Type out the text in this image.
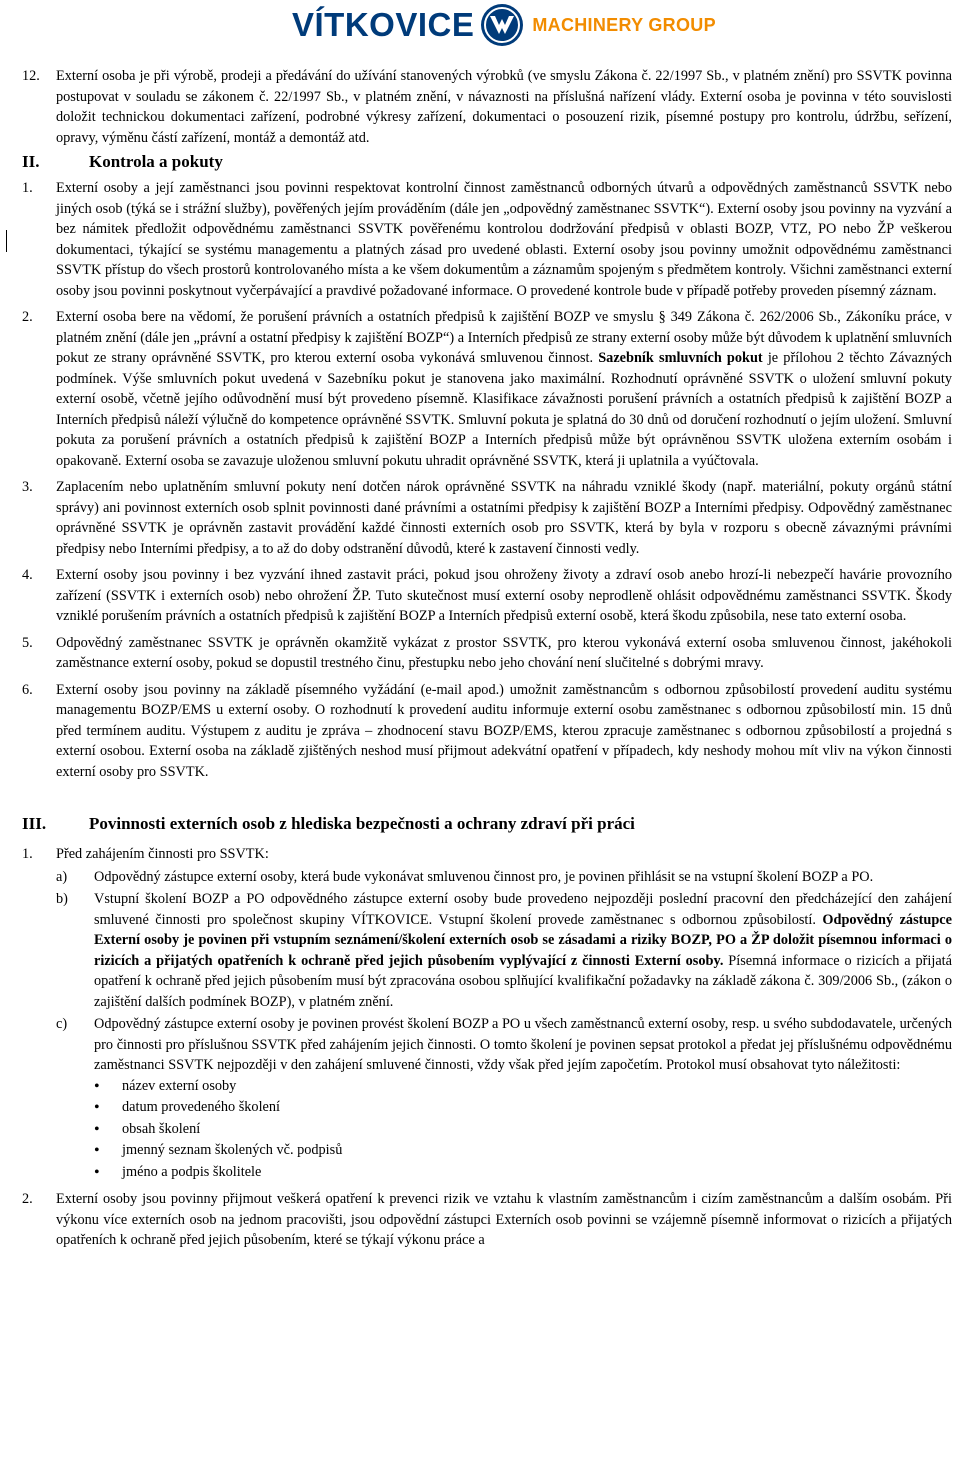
VÍTKOVICE	MACHINERY GROUP
12. Externí osoba je při výrobě, prodeji a předávání do užívání stanovených výrobků (ve smyslu Zákona č. 22/1997 Sb., v platném znění) pro SSVTK povinna postupovat v souladu se zákonem č. 22/1997 Sb., v platném znění, v návaznosti na příslušná nařízení vlády. Externí osoba je povinna v této souvislosti doložit technickou dokumentaci zařízení, podrobné výkresy zařízení, dokumentaci o posouzení rizik, písemné postupy pro kontrolu, údržbu, seřízení, opravy, výměnu částí zařízení, montáž a demontáž atd.
II.	Kontrola a pokuty
1. Externí osoby a její zaměstnanci jsou povinni respektovat kontrolní činnost zaměstnanců odborných útvarů a odpovědných zaměstnanců SSVTK nebo jiných osob (týká se i strážní služby), pověřených jejím prováděním (dále jen „odpovědný zaměstnanec SSVTK“). Externí osoby jsou povinny na vyzvání a bez námitek předložit odpovědnému zaměstnanci SSVTK pověřenému kontrolou dodržování předpisů v oblasti BOZP, VTZ, PO nebo ŽP veškerou dokumentaci, týkající se systému managementu a platných zásad pro uvedené oblasti. Externí osoby jsou povinny umožnit odpovědnému zaměstnanci SSVTK přístup do všech prostorů kontrolovaného místa a ke všem dokumentům a záznamům spojeným s předmětem kontroly. Všichni zaměstnanci externí osoby jsou povinni poskytnout vyčerpávající a pravdivé požadované informace. O provedené kontrole bude v případě potřeby proveden písemný záznam.
2. Externí osoba bere na vědomí, že porušení právních a ostatních předpisů k zajištění BOZP ve smyslu § 349 Zákona č. 262/2006 Sb., Zákoníku práce, v platném znění (dále jen „právní a ostatní předpisy k zajištění BOZP“) a Interních předpisů ze strany externí osoby může být důvodem k uplatnění smluvních pokut ze strany oprávněné SSVTK, pro kterou externí osoba vykonává smluvenou činnost. Sazebník smluvních pokut je přílohou 2 těchto Závazných podmínek. Výše smluvních pokut uvedená v Sazebníku pokut je stanovena jako maximální. Rozhodnutí oprávněné SSVTK o uložení smluvní pokuty externí osobě, včetně jejího odůvodnění musí být provedeno písemně. Klasifikace závažnosti porušení právních a ostatních předpisů k zajištění BOZP a Interních předpisů náleží výlučně do kompetence oprávněné SSVTK. Smluvní pokuta je splatná do 30 dnů od doručení rozhodnutí o jejím uložení. Smluvní pokuta za porušení právních a ostatních předpisů k zajištění BOZP a Interních předpisů může být oprávněnou SSVTK uložena externím osobám i opakovaně. Externí osoba se zavazuje uloženou smluvní pokutu uhradit oprávněné SSVTK, která ji uplatnila a vyúčtovala.
3. Zaplacením nebo uplatněním smluvní pokuty není dotčen nárok oprávněné SSVTK na náhradu vzniklé škody (např. materiální, pokuty orgánů státní správy) ani povinnost externích osob splnit povinnosti dané právními a ostatními předpisy k zajištění BOZP a Interními předpisy. Odpovědný zaměstnanec oprávněné SSVTK je oprávněn zastavit provádění každé činnosti externích osob pro SSVTK, která by byla v rozporu s obecně závaznými právními předpisy nebo Interními předpisy, a to až do doby odstranění důvodů, které k zastavení činnosti vedly.
4. Externí osoby jsou povinny i bez vyzvání ihned zastavit práci, pokud jsou ohroženy životy a zdraví osob anebo hrozí-li nebezpečí havárie provozního zařízení (SSVTK i externích osob) nebo ohrožení ŽP. Tuto skutečnost musí externí osoby neprodleně ohlásit odpovědnému zaměstnanci SSVTK. Škody vzniklé porušením právních a ostatních předpisů k zajištění BOZP a Interních předpisů externí osobě, která škodu způsobila, nese tato externí osoba.
5. Odpovědný zaměstnanec SSVTK je oprávněn okamžitě vykázat z prostor SSVTK, pro kterou vykonává externí osoba smluvenou činnost, jakéhokoli zaměstnance externí osoby, pokud se dopustil trestného činu, přestupku nebo jeho chování není slučitelné s dobrými mravy.
6. Externí osoby jsou povinny na základě písemného vyžádání (e-mail apod.) umožnit zaměstnancům s odbornou způsobilostí provedení auditu systému managementu BOZP/EMS u externí osoby. O rozhodnutí k provedení auditu informuje externí osobu zaměstnanec s odbornou způsobilostí min. 15 dnů před termínem auditu. Výstupem z auditu je zpráva – zhodnocení stavu BOZP/EMS, kterou zpracuje zaměstnanec s odbornou způsobilostí a projedná s externí osobou. Externí osoba na základě zjištěných neshod musí přijmout adekvátní opatření v případech, kdy neshody mohou mít vliv na výkon činnosti externí osoby pro SSVTK.
III.	Povinnosti externích osob z hlediska bezpečnosti a ochrany zdraví při práci
1. Před zahájením činnosti pro SSVTK:
a) Odpovědný zástupce externí osoby, která bude vykonávat smluvenou činnost pro, je povinen přihlásit se na vstupní školení BOZP a PO.
b) Vstupní školení BOZP a PO odpovědného zástupce externí osoby bude provedeno nejpozději poslední pracovní den předcházející den zahájení smluvené činnosti pro společnost skupiny VÍTKOVICE. Vstupní školení provede zaměstnanec s odbornou způsobilostí. Odpovědný zástupce Externí osoby je povinen při vstupním seznámení/školení externích osob se zásadami a riziky BOZP, PO a ŽP doložit písemnou informaci o rizicích a přijatých opatřeních k ochraně před jejich působením vyplývající z činnosti Externí osoby. Písemná informace o rizicích a přijatá opatření k ochraně před jejich působením musí být zpracována osobou splňující kvalifikační požadavky na základě zákona č. 309/2006 Sb., (zákon o zajištění dalších podmínek BOZP), v platném znění.
c) Odpovědný zástupce externí osoby je povinen provést školení BOZP a PO u všech zaměstnanců externí osoby, resp. u svého subdodavatele, určených pro činnosti pro příslušnou SSVTK před zahájením jejich činnosti. O tomto školení je povinen sepsat protokol a předat jej příslušnému odpovědnému zaměstnanci SSVTK nejpozději v den zahájení smluvené činnosti, vždy však před jejím započetím. Protokol musí obsahovat tyto náležitosti:
• název externí osoby
• datum provedeného školení
• obsah školení
• jmenný seznam školených vč. podpisů
• jméno a podpis školitele
2. Externí osoby jsou povinny přijmout veškerá opatření k prevenci rizik ve vztahu k vlastním zaměstnancům i cizím zaměstnancům a dalším osobám. Při výkonu více externích osob na jednom pracovišti, jsou odpovědní zástupci Externích osob povinni se vzájemně písemně informovat o rizicích a přijatých opatřeních k ochraně před jejich působením, které se týkají výkonu práce a
